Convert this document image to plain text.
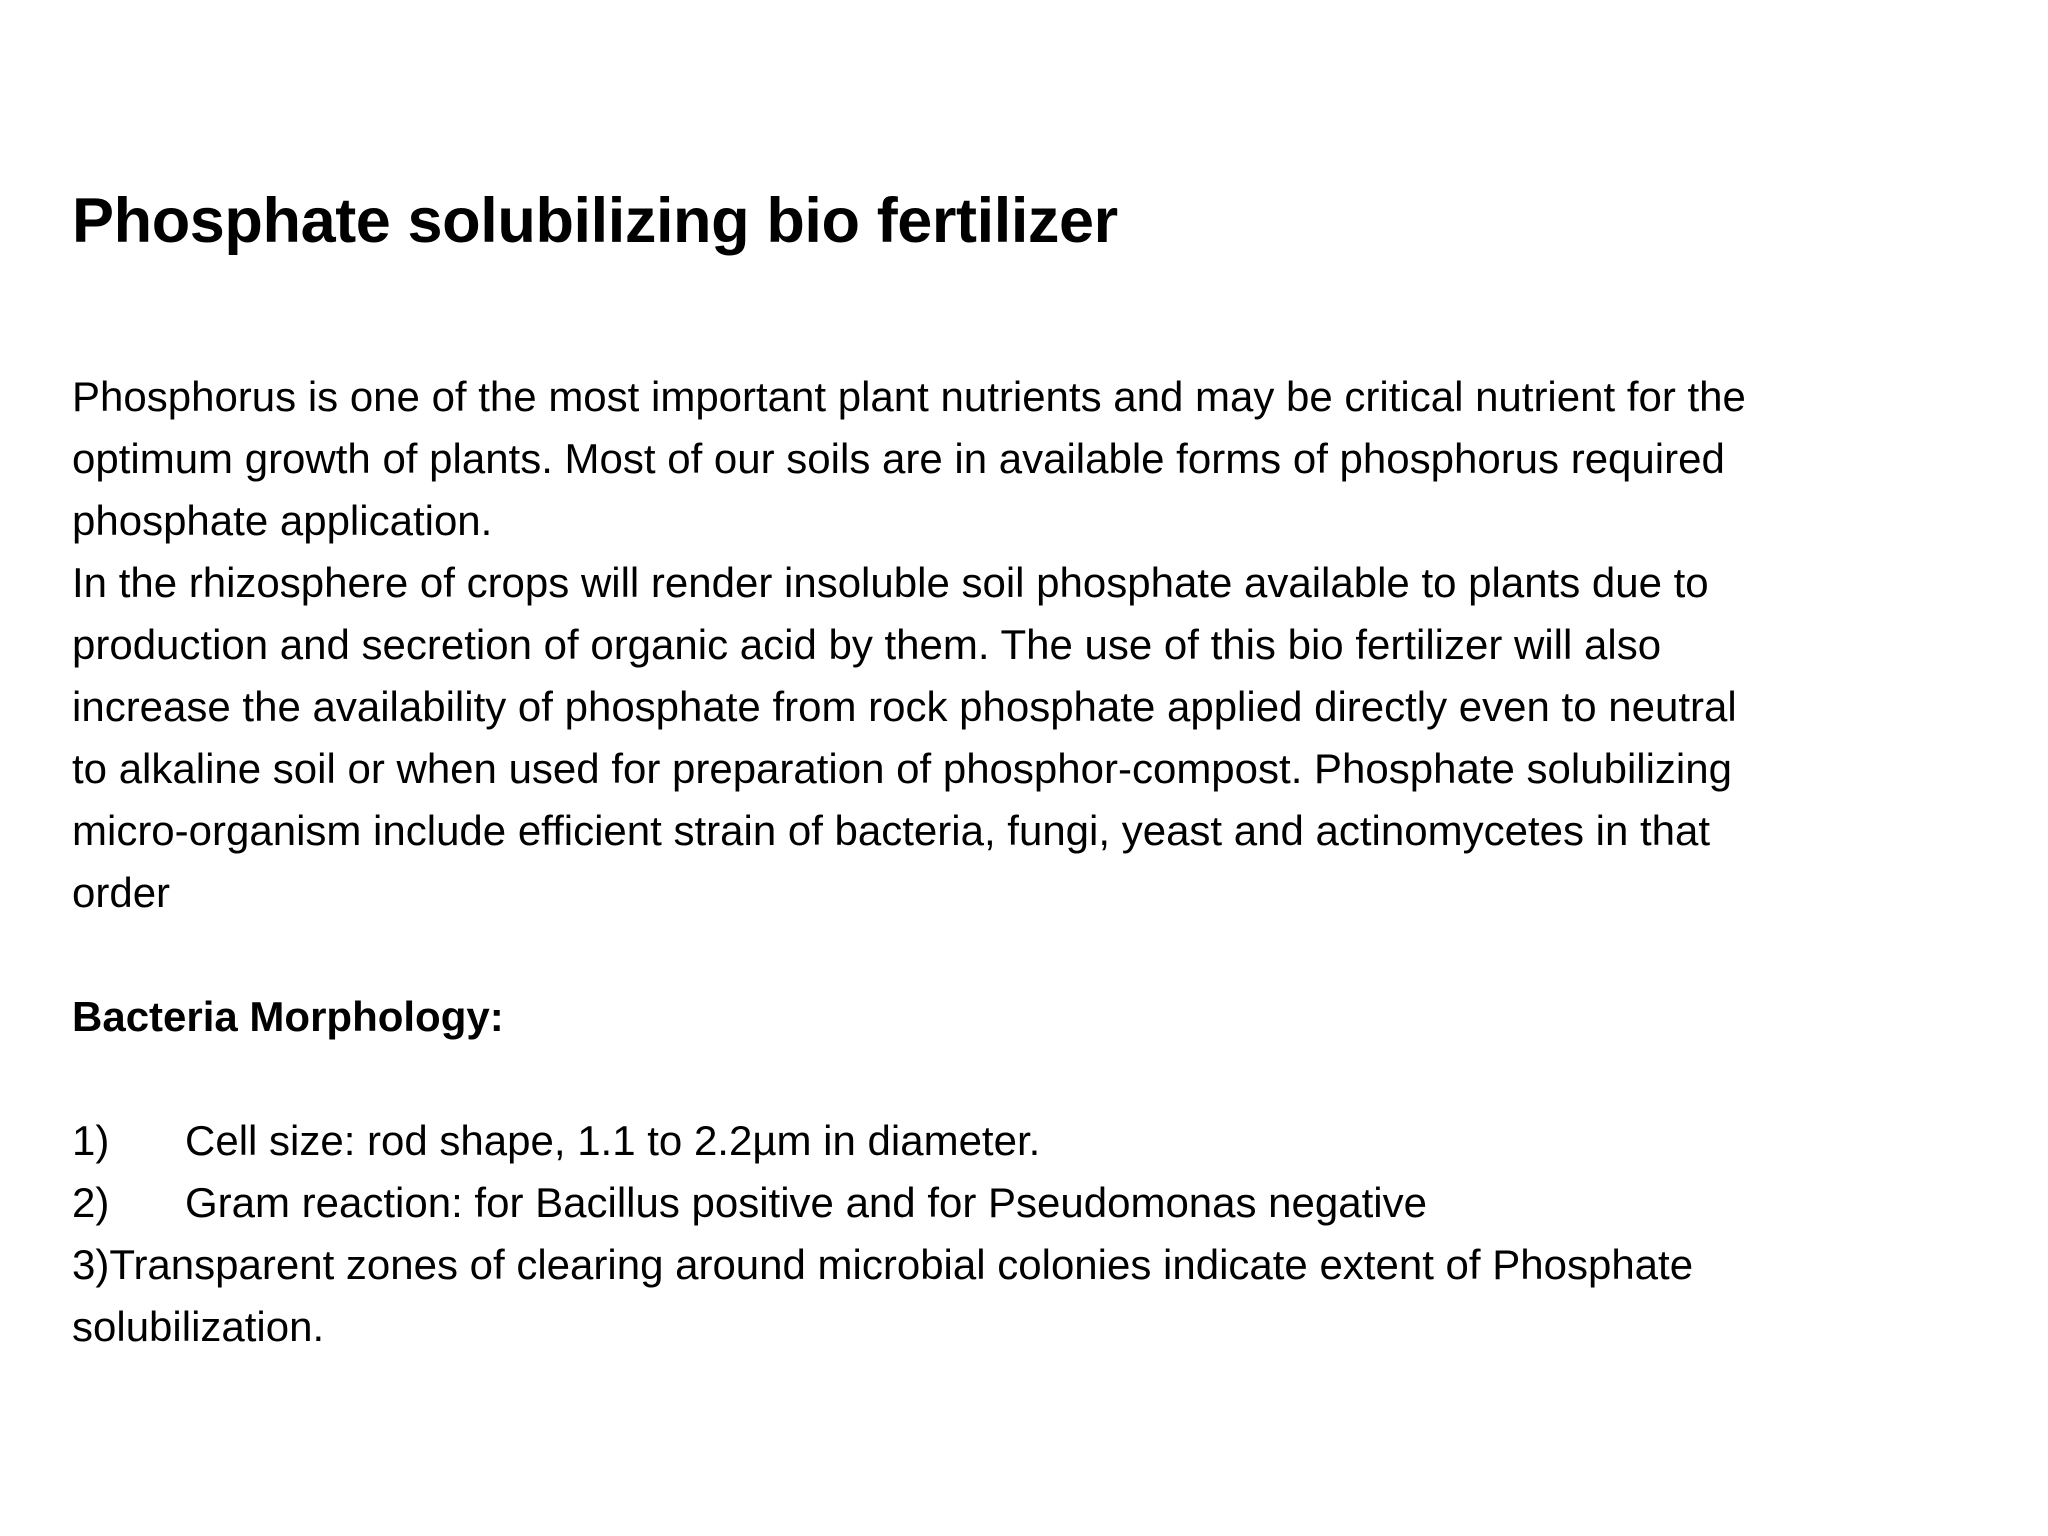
Phosphate solubilizing bio fertilizer
Phosphorus is one of the most important plant nutrients and may be critical nutrient for the
optimum growth of plants. Most of our soils are in available forms of phosphorus required
phosphate application.
In the rhizosphere of crops will render insoluble soil phosphate available to plants due to
production and secretion of organic acid by them. The use of this bio fertilizer will also
increase the availability of phosphate from rock phosphate applied directly even to neutral
to alkaline soil or when used for preparation of phosphor-compost. Phosphate solubilizing
micro-organism include efficient strain of bacteria, fungi, yeast and actinomycetes in that
order
Bacteria Morphology:
1) Cell size: rod shape, 1.1 to 2.2µm in diameter.
2) Gram reaction: for Bacillus positive and for Pseudomonas negative
3)Transparent zones of clearing around microbial colonies indicate extent of Phosphate
solubilization.
